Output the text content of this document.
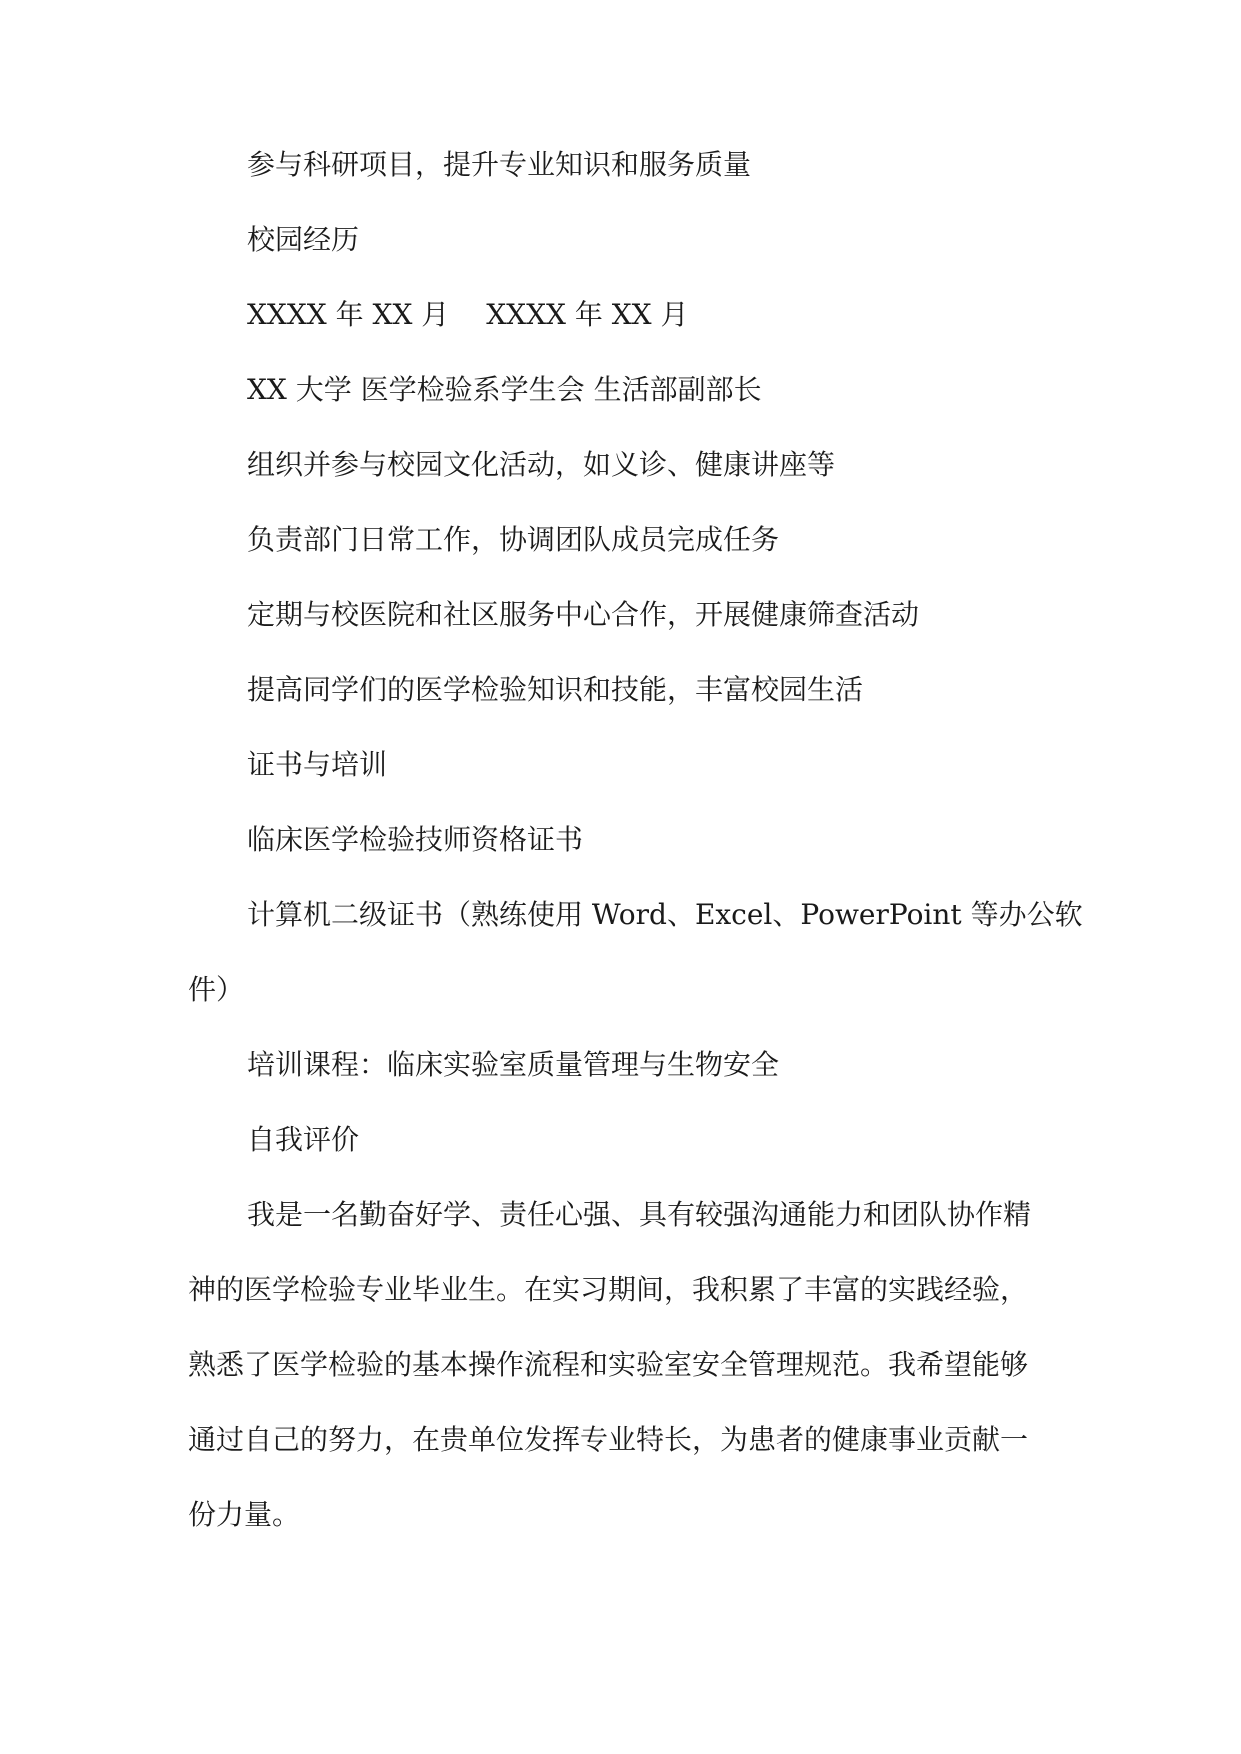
参与科研项目，提升专业知识和服务质量
校园经历
XXXX 年 XX 月　 XXXX 年 XX 月
XX 大学 医学检验系学生会 生活部副部长
组织并参与校园文化活动，如义诊、健康讲座等
负责部门日常工作，协调团队成员完成任务
定期与校医院和社区服务中心合作，开展健康筛查活动
提高同学们的医学检验知识和技能，丰富校园生活
证书与培训
临床医学检验技师资格证书
计算机二级证书（熟练使用 Word、Excel、PowerPoint 等办公软
件）
培训课程：临床实验室质量管理与生物安全
自我评价
我是一名勤奋好学、责任心强、具有较强沟通能力和团队协作精
神的医学检验专业毕业生。在实习期间，我积累了丰富的实践经验，
熟悉了医学检验的基本操作流程和实验室安全管理规范。我希望能够
通过自己的努力，在贵单位发挥专业特长，为患者的健康事业贡献一
份力量。
